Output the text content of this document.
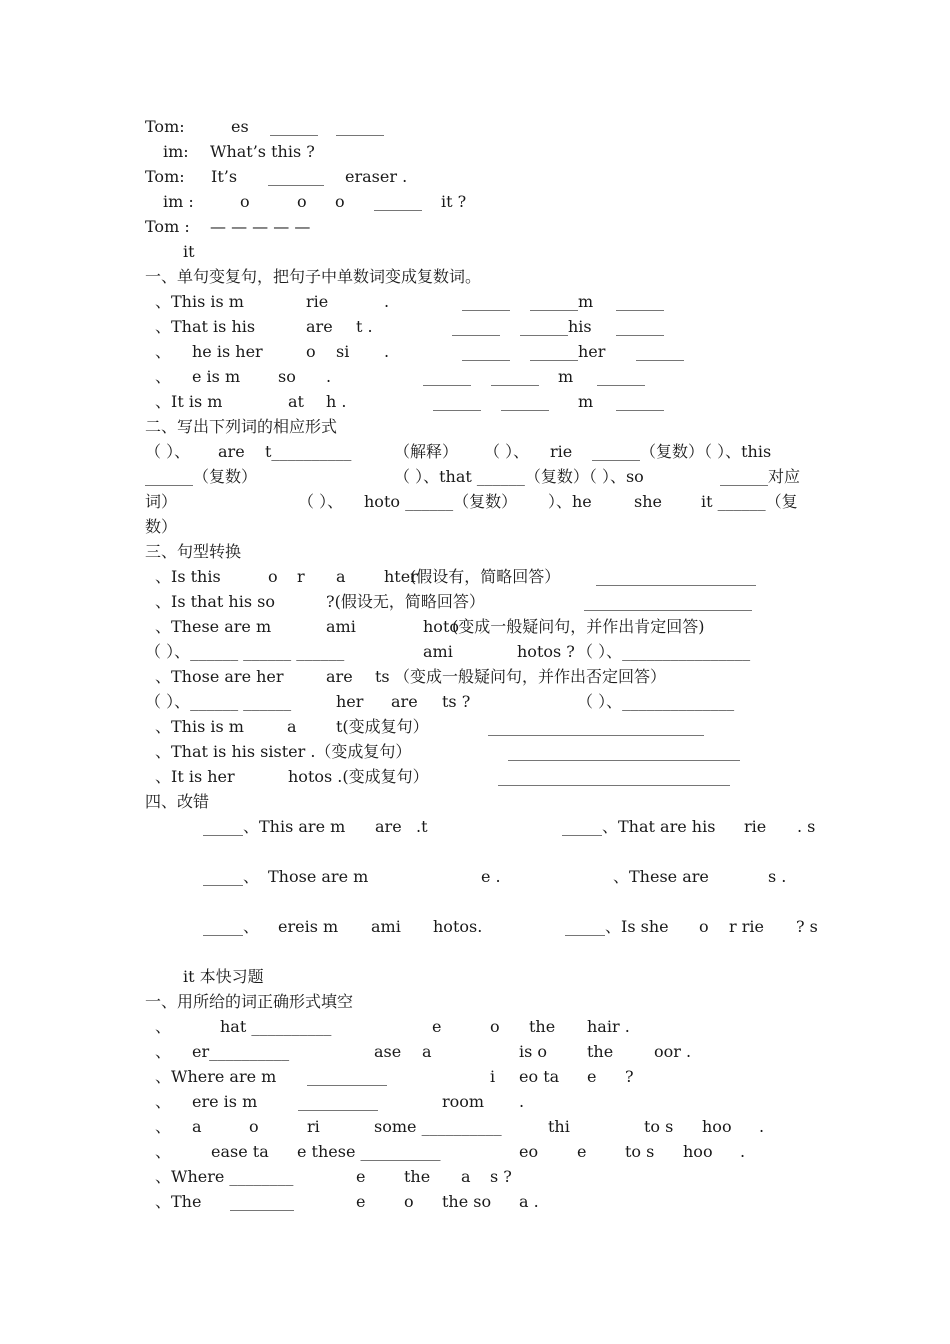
Tom:	es ______ ______
im: What’s this ?
Tom: It’s _______ eraser .
im :	o	o o ______ it ?
Tom : — — — — —
it
一、单句变复句，把句子中单数词变成复数词。
、This is m	rie	.	______ ______m ______
、That is his	are t .	______ ______his ______
、 he is her	o si .	______ ______her ______
、 e is m so .	______ ______ m ______
、It is m	at h .	______ ______ m ______
二、写出下列词的相应形式
（ ）、 are t__________	（解释） （ ）、 rie ______（复数）（ ）、this
______（复数）	（ ）、that ______（复数）（ ）、so	______对应
词）	（ ）、 hoto ______（复数） ）、he	she it ______（复
数）
三、句型转换
、Is this	o r a hter
(假设有，简略回答） ____________________
、Is that his so	?(假设无，简略回答）	_____________________
、These are m	ami	hoto
(变成一般疑问句，并作出肯定回答)
（ ）、______ ______ ______	ami	hotos ? （ ）、________________
、Those are her	are ts （变成一般疑问句，并作出否定回答）
（ ）、______ ______	her are ts ?	（ ）、______________
、This is m	a t(变成复句）	___________________________
、That is his sister .（变成复句）	_____________________________
、It is her	hotos .(变成复句）	_____________________________
四、改错
_____、This are m are .t	_____、That are his rie . s
_____、 Those are m	e .	、These are	s .
_____、 ereis m ami hotos.	_____、Is she o r rie ? s
it 本快习题
一、用所给的词正确形式填空
、	hat __________	e	o the hair .
、 er__________	ase a	is o the	oor .
、Where are m __________	i eo ta e ?
、 ere is m	__________	room .
、 a	o	ri	some __________	thi	to s hoo .
、 ease ta e these __________	eo e to s hoo .
、Where ________	e the a s ?
、The ________	e o the so a .
